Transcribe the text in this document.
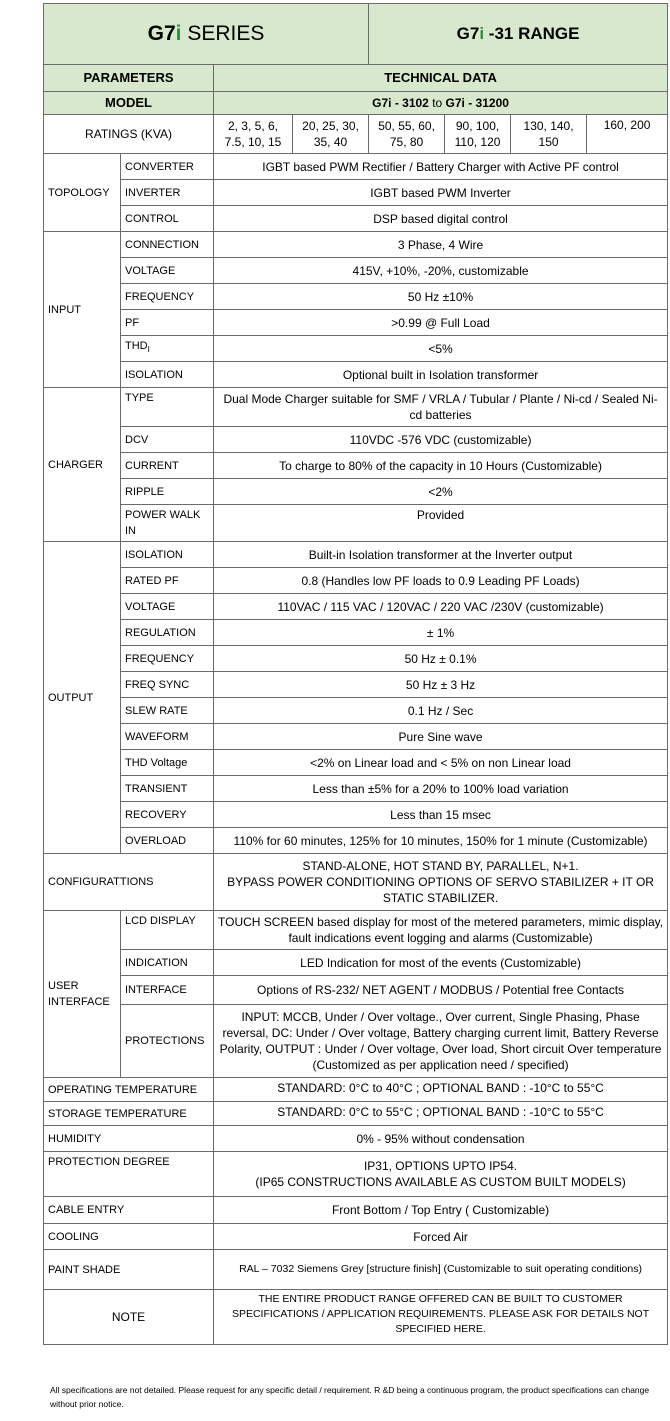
G7i SERIES				G7i -31 RANGE			
PARAMETERS		TECHNICAL DATA					
MODEL		G7i - 3102 to G7i - 31200					
RATINGS (KVA)		2, 3, 5, 6, 7.5, 10, 15	20, 25, 30, 35, 40	50, 55, 60, 75, 80	90, 100, 110, 120	130, 140, 150	160, 200
TOPOLOGY	CONVERTER	IGBT based PWM Rectifier / Battery Charger with Active PF control					
	INVERTER	IGBT based PWM Inverter					
	CONTROL	DSP based digital control					
INPUT	CONNECTION	3 Phase, 4 Wire					
	VOLTAGE	415V, +10%, -20%, customizable					
	FREQUENCY	50 Hz ±10%					
	PF	>0.99 @ Full Load					
	$THD_I$	<5%					
	ISOLATION	Optional built in Isolation transformer					
CHARGER	TYPE	Dual Mode Charger suitable for SMF / VRLA / Tubular / Plante / Ni-cd / Sealed Ni-cd batteries					
	DCV	110VDC -576 VDC (customizable)					
	CURRENT	To charge to 80% of the capacity in 10 Hours (Customizable)					
	RIPPLE	<2%					
	POWER WALK IN	Provided					
OUTPUT	ISOLATION	Built-in Isolation transformer at the Inverter output					
	RATED PF	0.8 (Handles low PF loads to 0.9 Leading PF Loads)					
	VOLTAGE	110VAC / 115 VAC / 120VAC / 220 VAC /230V (customizable)					
	REGULATION	± 1%					
	FREQUENCY	50 Hz ± 0.1%					
	FREQ SYNC	50 Hz ± 3 Hz					
	SLEW RATE	0.1 Hz / Sec					
	WAVEFORM	Pure Sine wave					
	THD Voltage	<2% on Linear load and < 5% on non Linear load					
	TRANSIENT	Less than ±5% for a 20% to 100% load variation					
	RECOVERY	Less than 15 msec					
	OVERLOAD	110% for 60 minutes, 125% for 10 minutes, 150% for 1 minute (Customizable)					
CONFIGURATTIONS		STAND-ALONE, HOT STAND BY, PARALLEL, N+1.
BYPASS POWER CONDITIONING OPTIONS OF SERVO STABILIZER + IT OR STATIC STABILIZER.					

USER INTERFACE	LCD DISPLAY	TOUCH SCREEN based display for most of the metered parameters, mimic display, fault indications event logging and alarms (Customizable)					
	INDICATION	LED Indication for most of the events (Customizable)					
	INTERFACE	Options of RS-232/ NET AGENT / MODBUS / Potential free Contacts					
	PROTECTIONS	INPUT: MCCB, Under / Over voltage., Over current, Single Phasing, Phase reversal, DC: Under / Over voltage, Battery charging current limit, Battery Reverse Polarity, OUTPUT : Under / Over voltage, Over load, Short circuit Over temperature (Customized as per application need / specified)					
OPERATING TEMPERATURE		STANDARD: 0°C to 40°C ; OPTIONAL BAND : -10°C to 55°C					
STORAGE TEMPERATURE		STANDARD: 0°C to 55°C ; OPTIONAL BAND : -10°C to 55°C					
HUMIDITY		0% - 95% without condensation					
PROTECTION DEGREE		IP31, OPTIONS UPTO IP54.
(IP65 CONSTRUCTIONS AVAILABLE AS CUSTOM BUILT MODELS)					

CABLE ENTRY		Front Bottom / Top Entry ( Customizable)					
COOLING		Forced Air					
PAINT SHADE		RAL – 7032 Siemens Grey [structure finish] (Customizable to suit operating conditions)					
NOTE		THE ENTIRE PRODUCT RANGE OFFERED CAN BE BUILT TO CUSTOMER SPECIFICATIONS / APPLICATION REQUIREMENTS. PLEASE ASK FOR DETAILS NOT SPECIFIED HERE.					
All specifications are not detailed. Please request for any specific detail / requirement. R &D being a continuous program, the product specifications can change without prior notice.
